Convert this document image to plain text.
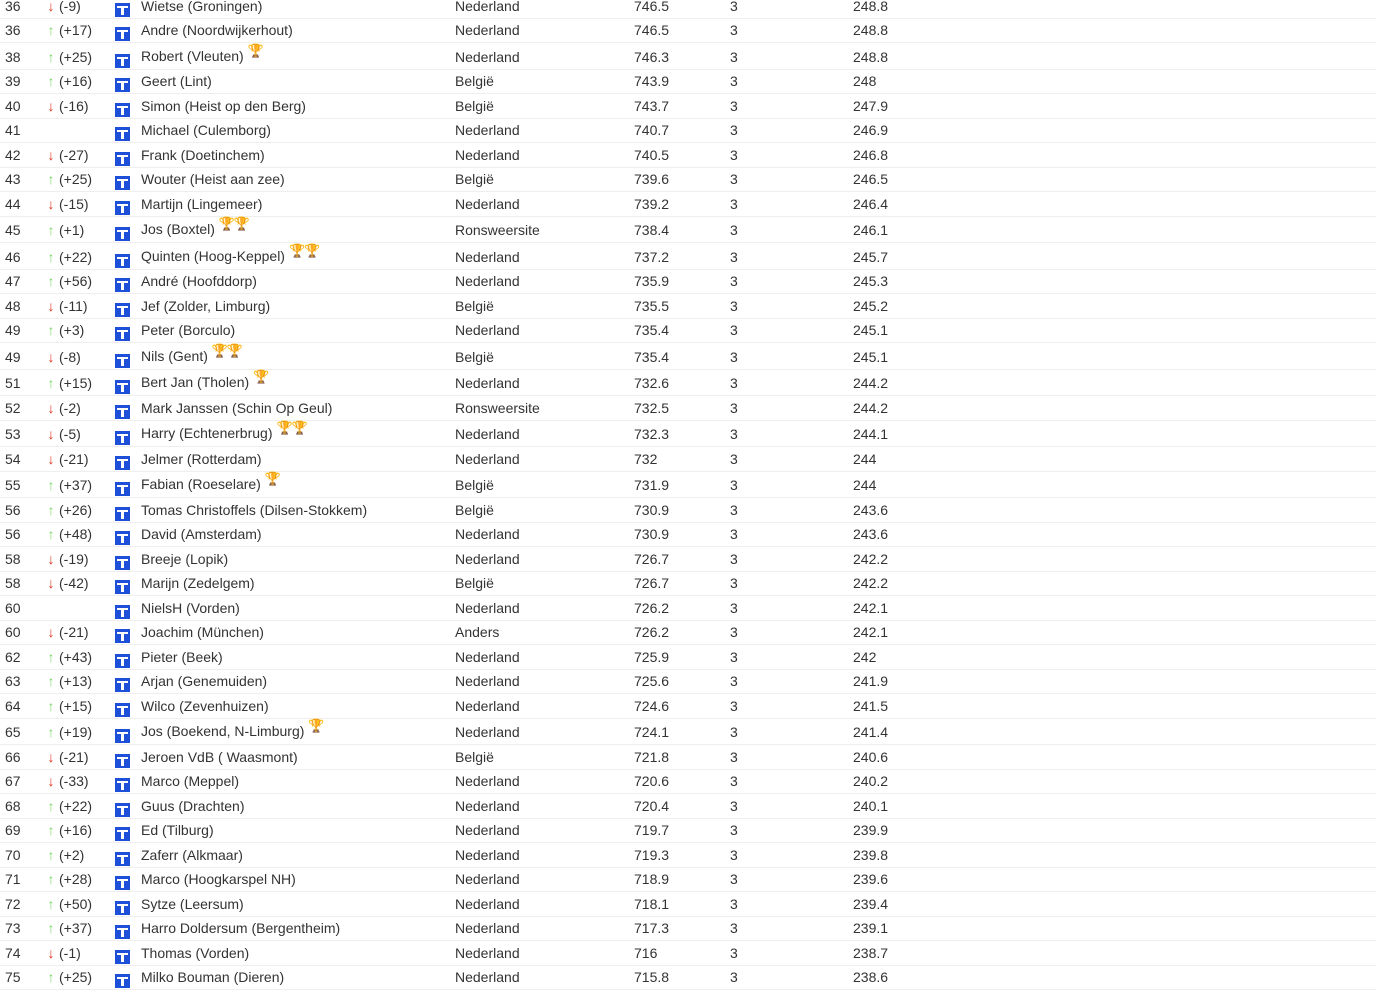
36 ↓ (-9)	Wietse (Groningen)	Nederland	746.5	3	248.8
36 ↑ (+17)	Andre (Noordwijkerhout)	Nederland	746.5	3	248.8
38 ↑ (+25)	Robert (Vleuten) 🏆	Nederland	746.3	3	248.8
39 ↑ (+16)	Geert (Lint)	België	743.9	3	248
40 ↓ (-16)	Simon (Heist op den Berg)	België	743.7	3	247.9
41	Michael (Culemborg)	Nederland	740.7	3	246.9
42 ↓ (-27)	Frank (Doetinchem)	Nederland	740.5	3	246.8
43 ↑ (+25)	Wouter (Heist aan zee)	België	739.6	3	246.5
44 ↓ (-15)	Martijn (Lingemeer)	Nederland	739.2	3	246.4
45 ↑ (+1)	Jos (Boxtel) 🏆🏆	Ronsweersite	738.4	3	246.1
46 ↑ (+22)	Quinten (Hoog-Keppel) 🏆🏆	Nederland	737.2	3	245.7
47 ↑ (+56)	André (Hoofddorp)	Nederland	735.9	3	245.3
48 ↓ (-11)	Jef (Zolder, Limburg)	België	735.5	3	245.2
49 ↑ (+3)	Peter (Borculo)	Nederland	735.4	3	245.1
49 ↓ (-8)	Nils (Gent) 🏆🏆	België	735.4	3	245.1
51 ↑ (+15)	Bert Jan (Tholen) 🏆	Nederland	732.6	3	244.2
52 ↓ (-2)	Mark Janssen (Schin Op Geul)	Ronsweersite	732.5	3	244.2
53 ↓ (-5)	Harry (Echtenerbrug) 🏆🏆	Nederland	732.3	3	244.1
54 ↓ (-21)	Jelmer (Rotterdam)	Nederland	732	3	244
55 ↑ (+37)	Fabian (Roeselare) 🏆	België	731.9	3	244
56 ↑ (+26)	Tomas Christoffels (Dilsen-Stokkem)	België	730.9	3	243.6
56 ↑ (+48)	David (Amsterdam)	Nederland	730.9	3	243.6
58 ↓ (-19)	Breeje (Lopik)	Nederland	726.7	3	242.2
58 ↓ (-42)	Marijn (Zedelgem)	België	726.7	3	242.2
60	NielsH (Vorden)	Nederland	726.2	3	242.1
60 ↓ (-21)	Joachim (München)	Anders	726.2	3	242.1
62 ↑ (+43)	Pieter (Beek)	Nederland	725.9	3	242
63 ↑ (+13)	Arjan (Genemuiden)	Nederland	725.6	3	241.9
64 ↑ (+15)	Wilco (Zevenhuizen)	Nederland	724.6	3	241.5
65 ↑ (+19)	Jos (Boekend, N-Limburg) 🏆	Nederland	724.1	3	241.4
66 ↓ (-21)	Jeroen VdB ( Waasmont)	België	721.8	3	240.6
67 ↓ (-33)	Marco (Meppel)	Nederland	720.6	3	240.2
68 ↑ (+22)	Guus (Drachten)	Nederland	720.4	3	240.1
69 ↑ (+16)	Ed (Tilburg)	Nederland	719.7	3	239.9
70 ↑ (+2)	Zaferr (Alkmaar)	Nederland	719.3	3	239.8
71 ↑ (+28)	Marco (Hoogkarspel NH)	Nederland	718.9	3	239.6
72 ↑ (+50)	Sytze (Leersum)	Nederland	718.1	3	239.4
73 ↑ (+37)	Harro Doldersum (Bergentheim)	Nederland	717.3	3	239.1
74 ↓ (-1)	Thomas (Vorden)	Nederland	716	3	238.7
75 ↑ (+25)	Milko Bouman (Dieren)	Nederland	715.8	3	238.6
